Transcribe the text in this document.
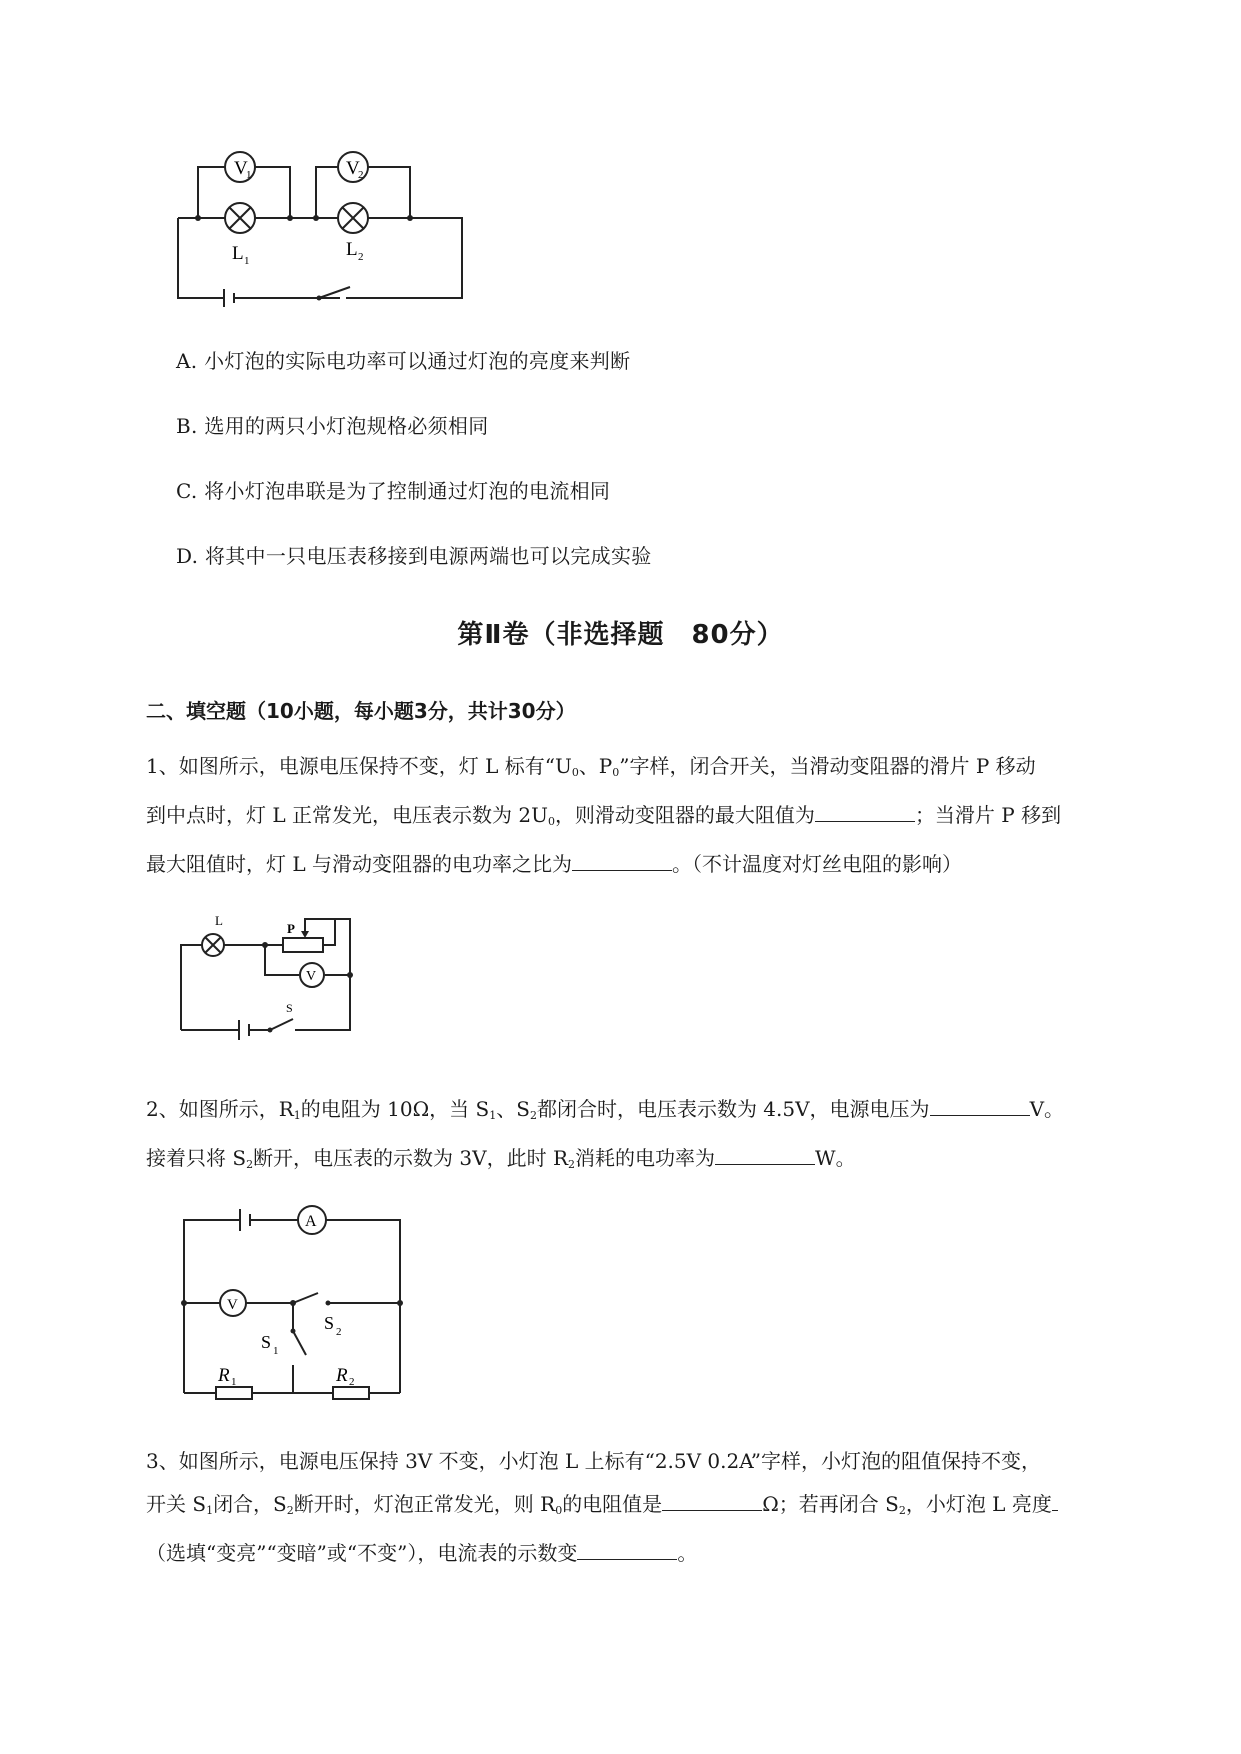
V
1	V
2
L 1
L 2
A. 小灯泡的实际电功率可以通过灯泡的亮度来判断
B. 选用的两只小灯泡规格必须相同
C. 将小灯泡串联是为了控制通过灯泡的电流相同
D. 将其中一只电压表移接到电源两端也可以完成实验
第Ⅱ卷（非选择题　80分）
二、填空题（10小题，每小题3分，共计30分）
1、如图所示，电源电压保持不变，灯 L 标有“$U_0$、$P_0$”字样，闭合开关，当滑动变阻器的滑片 P 移动
到中点时，灯 L 正常发光，电压表示数为 $2U_0$，则滑动变阻器的最大阻值为	；当滑片 P 移到
最大阻值时，灯 L 与滑动变阻器的电功率之比为	。（不计温度对灯丝电阻的影响）
L
P
V
S
2、如图所示，$R_1$的电阻为 10Ω，当 $S_1$、$S_2$都闭合时，电压表示数为 4.5V，电源电压为	V。
接着只将 $S_2$断开，电压表的示数为 3V，此时 $R_2$消耗的电功率为	W。
A
V
S 1
S 2
R 1	R 2
3、如图所示，电源电压保持 3V 不变，小灯泡 L 上标有“2.5V 0.2A”字样，小灯泡的阻值保持不变，
开关 $S_1$闭合，$S_2$断开时，灯泡正常发光，则 $R_0$的电阻值是	Ω；若再闭合 $S_2$，小灯泡 L 亮度
（选填“变亮”“变暗”或“不变”），电流表的示数变	。
